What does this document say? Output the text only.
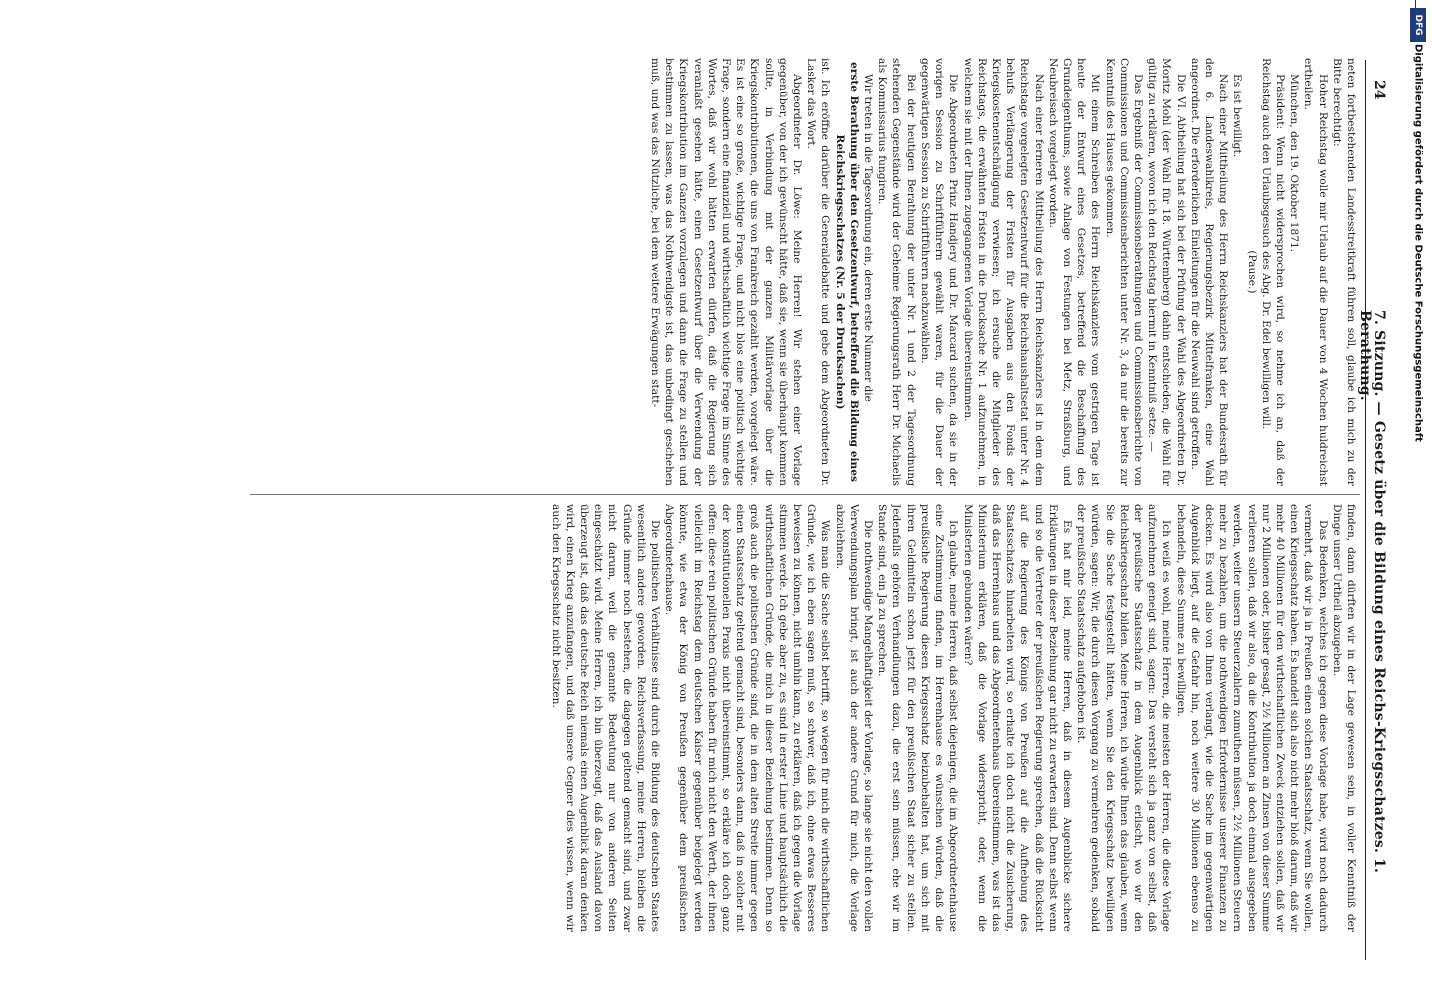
24
7. Sitzung. — Gesetz über die Bildung eines Reichs-Kriegsschatzes. 1. Berathung.

neten fortbestehenden Landesstreitkraft führen soll, glaube ich mich zu der Bitte berechtigt:

Hoher Reichstag wolle mir Urlaub auf die Dauer von 4 Wochen huldreichst ertheilen.

München, den 19. Oktober 1871.

Präsident: Wenn nicht widersprochen wird, so nehme ich an, daß der Reichstag auch den Urlaubsgesuch des Abg. Dr. Edel bewilligen will.

(Pause.)

Es ist bewilligt.

Nach einer Mittheilung des Herrn Reichskanzlers hat der Bundesrath für den 6. Landeswahlkreis, Regierungsbezirk Mittelfranken, eine Wahl angeordnet. Die erforderlichen Einleitungen für die Neuwahl sind getroffen.

Die VI. Abtheilung hat sich bei der Prüfung der Wahl des Abgeordneten Dr. Moritz Mohl (der Wahl für 18. Württemberg) dahin entschieden, die Wahl für gültig zu erklären, wovon ich den Reichstag hiermit in Kenntniß setze. —

Das Ergebniß der Commissionsberathungen und Commissionsberichte von Commissionen und Commissionsberichten unter Nr. 3, da nur die bereits zur Kenntniß des Hauses gekommen.

Mit einem Schreiben des Herrn Reichskanzlers vom gestrigen Tage ist heute der Entwurf eines Gesetzes, betreffend die Beschaffung des Grundeigenthums, sowie Anlage von Festungen bei Metz, Straßburg, und Neubreisach vorgelegt worden.

Nach einer ferneren Mittheilung des Herrn Reichskanzlers ist in dem dem Reichstage vorgelegten Gesetzentwurf für die Reichshaushaltsetat unter Nr. 4 behufs Verlängerung der Fristen für Ausgaben aus den Fonds der Kriegskostenentschädigung verwiesen; ich ersuche die Mitglieder des Reichstags, die erwähnten Fristen in die Drucksache Nr. 1 aufzunehmen, in welchem sie mit der Ihnen zugegangenen Vorlage übereinstimmen.

Die Abgeordneten Prinz Handjery und Dr. Marcard suchen, da sie in der vorigen Session zu Schriftführern gewählt waren, für die Dauer der gegenwärtigen Session zu Schriftführern nachzuwählen.

Bei der heutigen Berathung der unter Nr. 1 und 2 der Tagesordnung stehenden Gegenstände wird der Geheime Regierungsrath Herr Dr. Michaelis als Kommissarius fungiren.

Wir treten in die Tagesordnung ein, deren erste Nummer die

erste Berathung über den Gesetzentwurf, betreffend die Bildung eines Reichskriegsschatzes (Nr. 5 der Drucksachen)

ist. Ich eröffne darüber die Generaldebatte und gebe dem Abgeordneten Dr. Lasker das Wort.

Abgeordneter Dr. Löwe: Meine Herren! Wir stehen einer Vorlage gegenüber, von der ich gewünscht hätte, daß sie, wenn sie überhaupt kommen sollte, in Verbindung mit der ganzen Militärvorlage über die Kriegskontributionen, die uns von Frankreich gezahlt werden, vorgelegt wäre. Es ist eine so große, wichtige Frage, und nicht blos eine politisch wichtige Frage, sondern eine finanziell und wirthschaftlich wichtige Frage im Sinne des Wortes, daß wir wohl hätten erwarten dürfen, daß die Regierung sich veranlaßt gesehen hätte, einen Gesetzentwurf über die Verwendung der Kriegskontribution im Ganzen vorzulegen und dann die Frage zu stellen und bestimmen zu lassen, was das Nothwendigste ist, das unbedingt geschehen muß, und was das Nützliche, bei dem weitere Erwägungen statt-

finden, dann dürften wir in der Lage gewesen sein, in voller Kenntniß der Dinge unser Urtheil abzugeben.

Das Bedenken, welches ich gegen diese Vorlage habe, wird noch dadurch vermehrt, daß wir ja in Preußen einen solchen Staatsschatz, wenn Sie wollen, einen Kriegsschatz haben. Es handelt sich also nicht mehr bloß darum, daß wir mehr 40 Millionen für den wirthschaftlichen Zweck entziehen sollen, daß wir nur 2 Millionen oder, bisher gesagt, 2½ Millionen an Zinsen von dieser Summe verlieren sollen, daß wir also, da die Kontribution ja doch einmal ausgegeben werden, weiter unsern Steuerzahlern zumuthen müssen, 2½ Millionen Steuern mehr zu bezahlen, um die nothwendigen Erfordernisse unserer Finanzen zu decken. Es wird also von Ihnen verlangt, wie die Sache im gegenwärtigen Augenblick liegt, auf die Gefahr hin, noch weitere 30 Millionen ebenso zu behandeln, diese Summe zu bewilligen.

Ich weiß es wohl, meine Herren, die meisten der Herren, die diese Vorlage aufzunehmen geneigt sind, sagen: Das versteht sich ja ganz von selbst, daß der preußische Staatsschatz in dem Augenblick erlischt, wo wir den Reichskriegsschatz bilden. Meine Herren, ich würde Ihnen das glauben, wenn Sie die Sache festgestellt hätten, wenn Sie den Kriegsschatz bewilligen würden, sagen: Wir, die durch diesen Vorgang zu vermehren gedenken, sobald der preußische Staatsschatz aufgehoben ist.

Es hat mir leid, meine Herren, daß in diesem Augenblicke sichere Erklärungen in dieser Beziehung gar nicht zu erwarten sind. Denn selbst wenn und so die Vertreter der preußischen Regierung sprechen, daß die Rücksicht auf die Regierung des Königs von Preußen auf die Aufhebung des Staatsschatzes hinarbeiten wird, so erhalte ich doch nicht die Zusicherung, daß das Herrenhaus und das Abgeordnetenhaus übereinstimmen, was ist das Ministerium erklären, daß die Vorlage widerspricht, oder, wenn die Ministerien gebunden wären?

Ich glaube, meine Herren, daß selbst diejenigen, die im Abgeordnetenhause eine Zustimmung finden, im Herrenhause es wünschen würden, daß die preußische Regierung diesen Kriegsschatz beizubehalten hat, um sich mit ihren Geldmitteln schon jetzt für den preußischen Staat sicher zu stellen. Jedenfalls gehören Verhandlungen dazu, die erst sein müssen, ehe wir im Stande sind, ein Ja zu sprechen.

Die nothwendige Mangelhaftigkeit der Vorlage, so lange sie nicht den vollen Verwendungsplan bringt, ist auch der andere Grund für mich, die Vorlage abzulehnen.

Was man die Sache selbst betrifft, so wiegen für mich die wirthschaftlichen Gründe, wie ich eben sagen muß, so schwer, daß ich, ohne etwas Besseres beweisen zu können, nicht umhin kann, zu erklären, daß ich gegen die Vorlage stimmen werde. Ich gebe aber zu, es sind in erster Linie und hauptsächlich die wirthschaftlichen Gründe, die mich in dieser Beziehung bestimmen. Denn so groß auch die politischen Gründe sind, die in dem alten Streite immer gegen einen Staatsschatz geltend gemacht sind, besonders dann, daß in solcher mit der konstitutionellen Praxis nicht übereinstimmt, so erkläre ich doch ganz offen: diese rein politischen Gründe haben für mich nicht den Werth, der ihnen vielleicht im Reichstag dem deutschen Kaiser gegenüber beigelegt werden könnte, wie etwa der König von Preußen gegenüber dem preußischen Abgeordnetenhause.

Die politischen Verhältnisse sind durch die Bildung des deutschen Staates wesentlich andere geworden. Reichsverfassung, meine Herren, bleiben die Gründe immer noch bestehen, die dagegen geltend gemacht sind, und zwar nicht darum, weil die genannte Bedeutung nur von anderen Seiten eingeschätzt wird. Meine Herren, ich bin überzeugt, daß das Ausland davon überzeugt ist, daß das deutsche Reich niemals einen Augenblick daran denken wird, einen Krieg anzufangen, und daß unsere Gegner dies wissen, wenn wir auch den Kriegsschatz nicht besitzen.

DFG
Digitalisierung gefördert durch die Deutsche Forschungsgemeinschaft
